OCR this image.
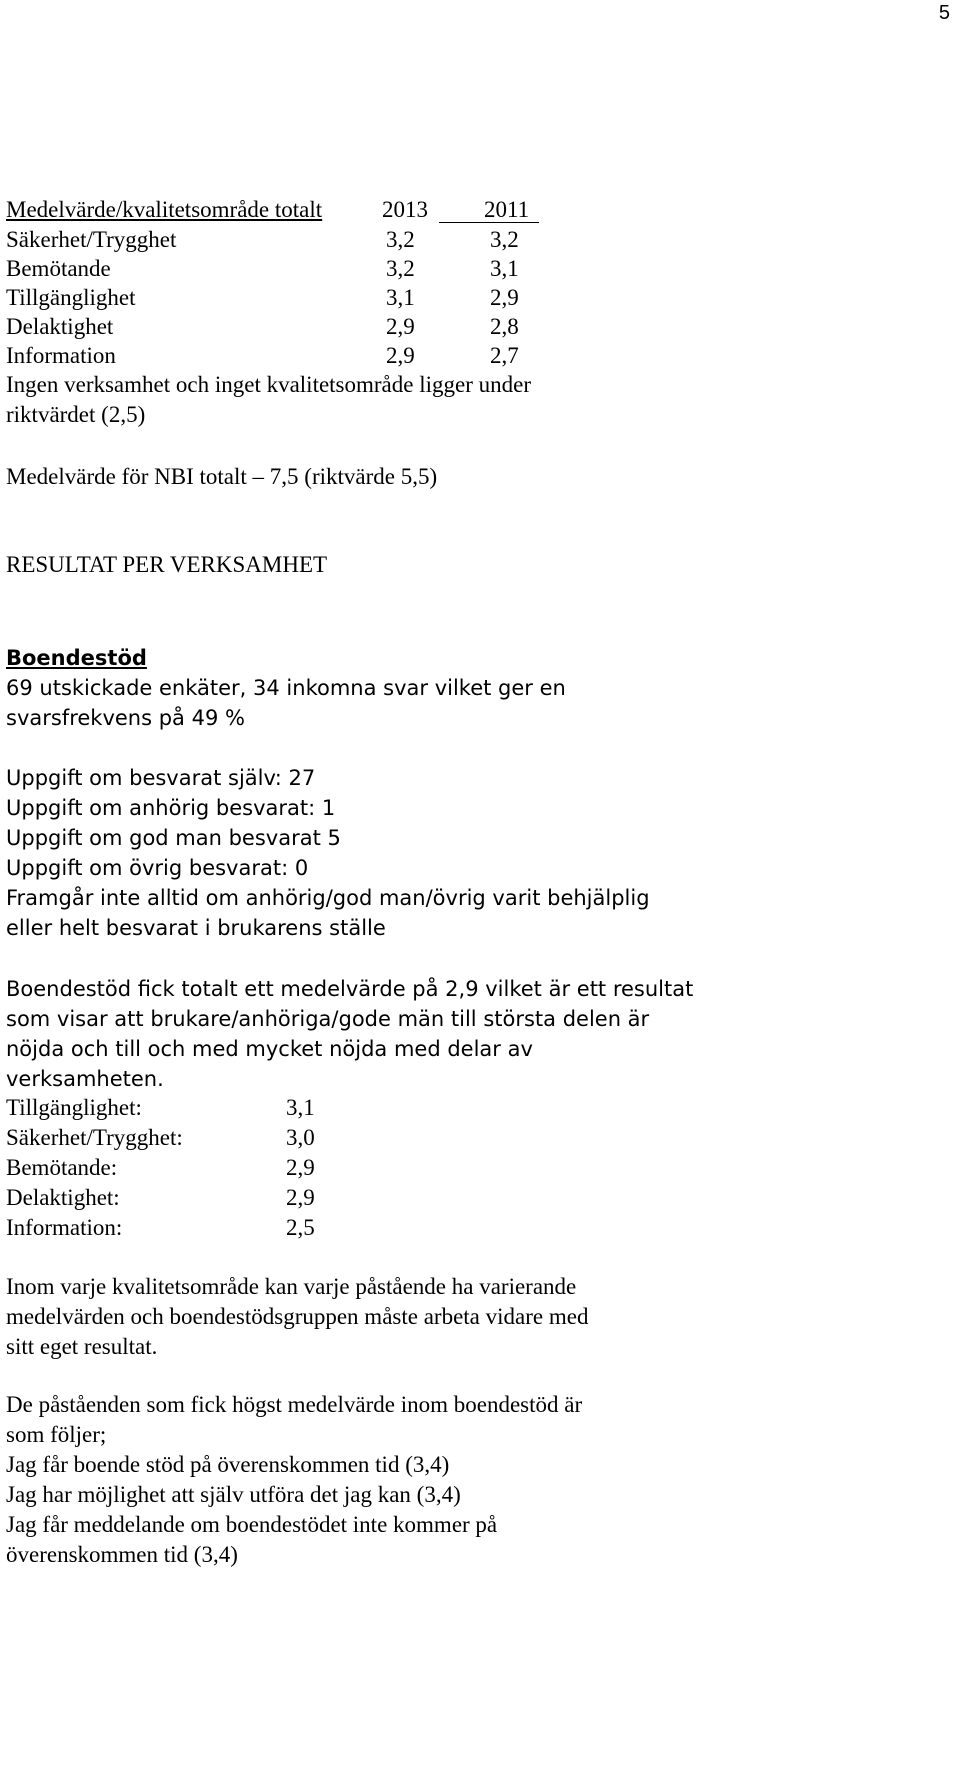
5
Medelvärde/kvalitetsområde totalt	2013 2011
Säkerhet/Trygghet	3,2	3,2
Bemötande	3,2	3,1
Tillgänglighet	3,1	2,9
Delaktighet	2,9	2,8
Information	2,9	2,7
Ingen verksamhet och inget kvalitetsområde ligger under
riktvärdet (2,5)
Medelvärde för NBI totalt – 7,5 (riktvärde 5,5)
RESULTAT PER VERKSAMHET
Boendestöd
69 utskickade enkäter, 34 inkomna svar vilket ger en
svarsfrekvens på 49 %
Uppgift om besvarat själv: 27
Uppgift om anhörig besvarat: 1
Uppgift om god man besvarat 5
Uppgift om övrig besvarat: 0
Framgår inte alltid om anhörig/god man/övrig varit behjälplig
eller helt besvarat i brukarens ställe
Boendestöd fick totalt ett medelvärde på 2,9 vilket är ett resultat
som visar att brukare/anhöriga/gode män till största delen är
nöjda och till och med mycket nöjda med delar av
verksamheten.
Tillgänglighet:	3,1
Säkerhet/Trygghet:	3,0
Bemötande:	2,9
Delaktighet:	2,9
Information:	2,5
Inom varje kvalitetsområde kan varje påstående ha varierande
medelvärden och boendestödsgruppen måste arbeta vidare med
sitt eget resultat.
De påståenden som fick högst medelvärde inom boendestöd är
som följer;
Jag får boende stöd på överenskommen tid (3,4)
Jag har möjlighet att själv utföra det jag kan (3,4)
Jag får meddelande om boendestödet inte kommer på
överenskommen tid (3,4)
